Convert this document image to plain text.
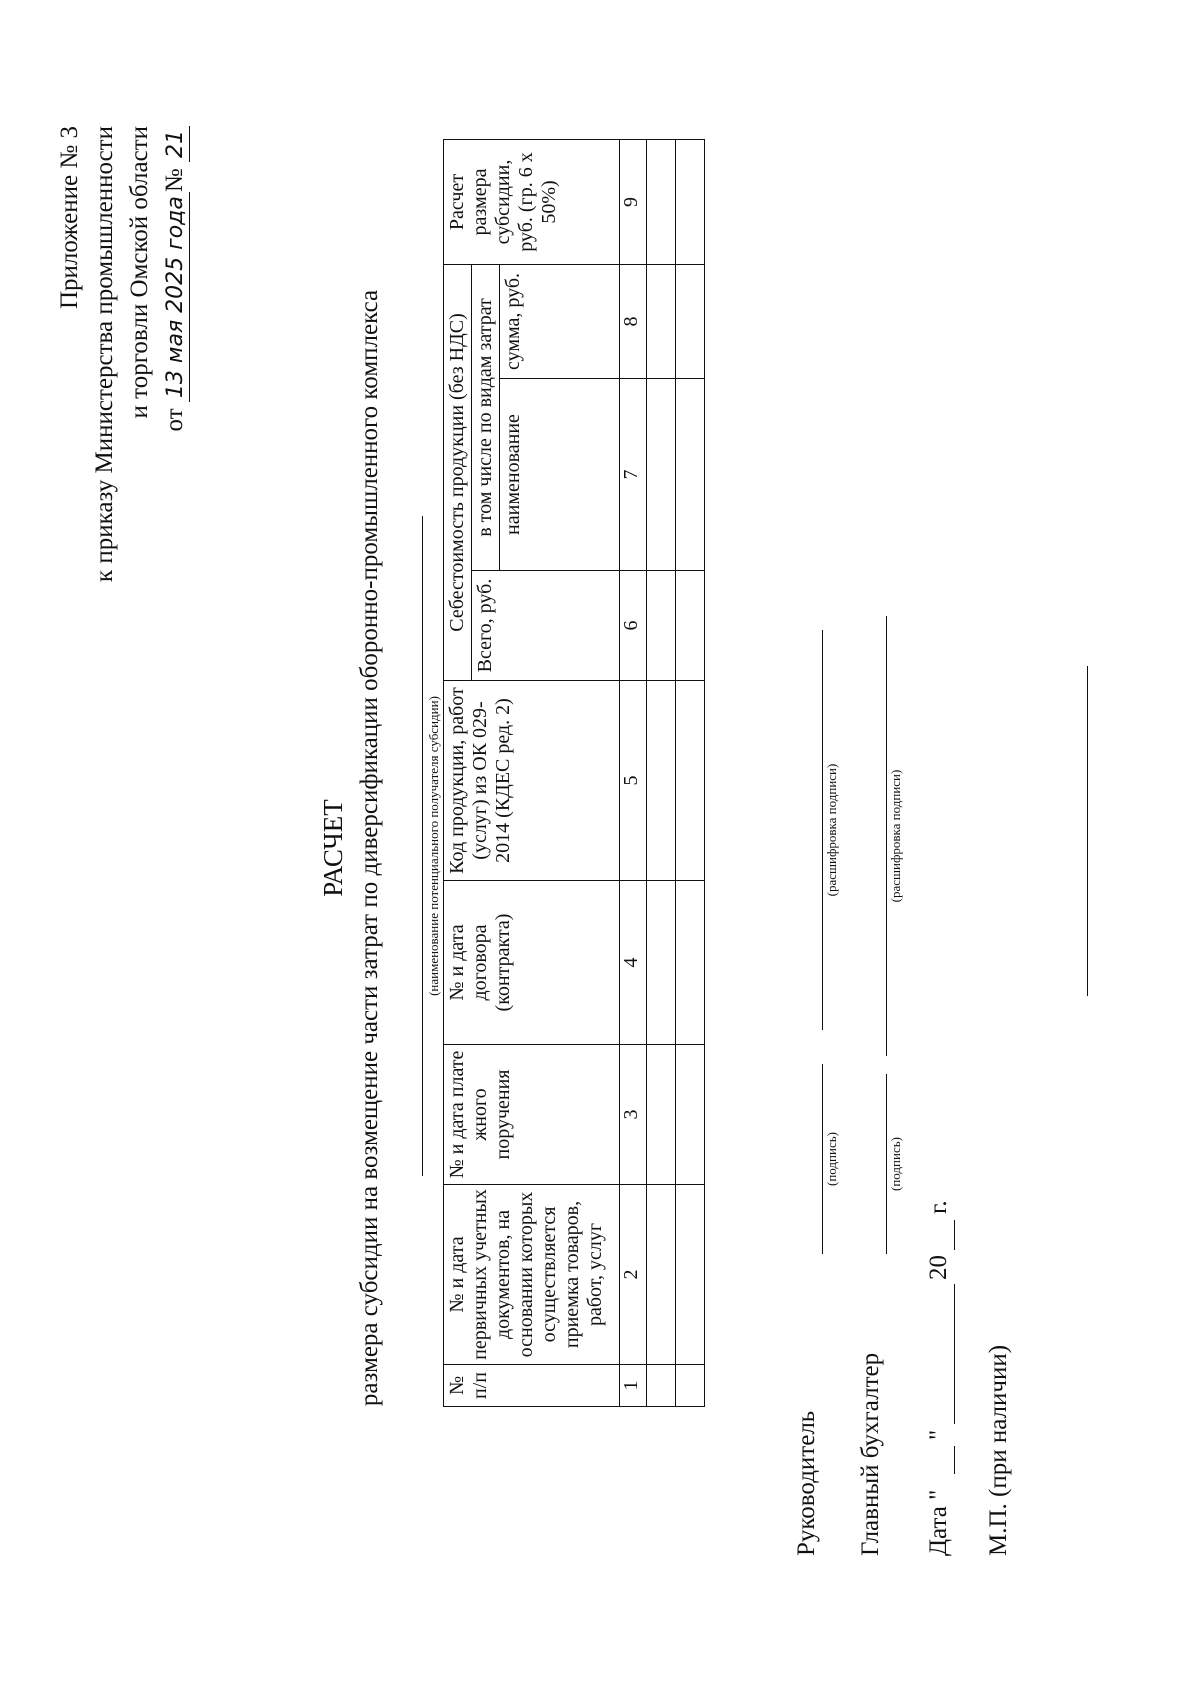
Приложение № 3 к приказу Министерства промышленности и торговли Омской области
от 13 мая 2025 года№ 21
РАСЧЕТ размера субсидии на возмещение части затрат по диверсификации оборонно-промышленного комплекса	(наименование потенциального получателя субсидии)
№ п/п	№ и дата первичных учетных документов, на основании которых осуществляется приемка товаров, работ, услуг	№ и дата плате жного поручения	№ и дата договора (контракта)	Код продукции, работ (услуг) из ОК 029-2014 (КДЕС ред. 2)	Себестоимость продукции (без НДС)			Расчет размера субсидии, руб. (гр. 6 х 50%)
					Всего, руб.	в том числе по видам затрат		
						наименование	сумма, руб.	
1	2	3	4	5	6	7	8	9

Руководитель
(подпись)
(расшифровка подписи)
Главный бухгалтер
(подпись)
(расшифровка подписи)
Дата "
"
20
г.
М.П. (при наличии)
